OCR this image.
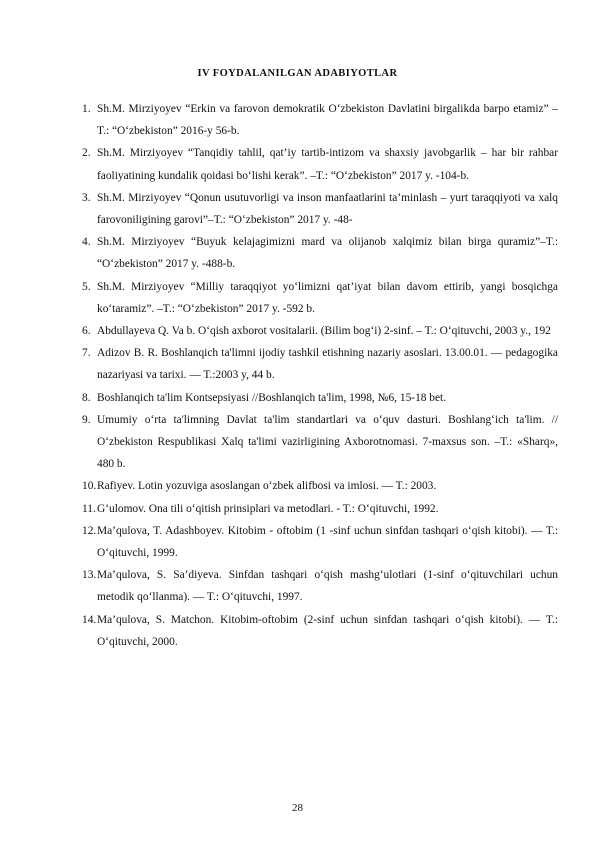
IV FOYDALANILGAN ADABIYOTLAR
1. Sh.M. Mirziyoyev “Erkin va farovon demokratik O‘zbekiston Davlatini birgalikda barpo etamiz” –T.: “O‘zbekiston” 2016-y 56-b.
2. Sh.M. Mirziyoyev “Tanqidiy tahlil, qat’iy tartib-intizom va shaxsiy javobgarlik – har bir rahbar faoliyatining kundalik qoidasi bo‘lishi kerak”. –T.: “O‘zbekiston” 2017 y. -104-b.
3. Sh.M. Mirziyoyev “Qonun usutuvorligi va inson manfaatlarini ta’minlash – yurt taraqqiyoti va xalq farovoniligining garovi”–T.: “O‘zbekiston” 2017 y. -48-
4. Sh.M. Mirziyoyev “Buyuk kelajagimizni mard va olijanob xalqimiz bilan birga quramiz”–T.: “O‘zbekiston” 2017 y. -488-b.
5. Sh.M. Mirziyoyev “Milliy taraqqiyot yo‘limizni qat’iyat bilan davom ettirib, yangi bosqichga ko‘taramiz”. –T.: “O‘zbekiston” 2017 y. -592 b.
6. Abdullayeva Q. Va b. O‘qish axborot vositalarii. (Bilim bog‘i) 2-sinf. – T.: O‘qituvchi, 2003 y., 192
7. Adizov B. R. Boshlanqich ta'limni ijodiy tashkil etishning nazariy asoslari. 13.00.01. — pedagogika nazariyasi va tarixi. — T.:2003 y, 44 b.
8. Boshlanqich ta'lim Kontsepsiyasi //Boshlanqich ta'lim, 1998, №6, 15-18 bet.
9. Umumiy o‘rta ta'limning Davlat ta'lim standartlari va o‘quv dasturi. Boshlang‘ich ta'lim. // O‘zbekiston Respublikasi Xalq ta'limi vazirligining Axborotnomasi. 7-maxsus son. –T.: «Sharq», 480 b.
10. Rafiyev. Lotin yozuviga asoslangan o‘zbek alifbosi va imlosi. — T.: 2003.
11. G‘ulomov. Ona tili o‘qitish prinsiplari va metodlari. - T.: O‘qituvchi, 1992.
12. Ma’qulova, T. Adashboyev. Kitobim - oftobim (1 -sinf uchun sinfdan tashqari o‘qish kitobi). — T.: O‘qituvchi, 1999.
13. Ma’qulova, S. Sa’diyeva. Sinfdan tashqari o‘qish mashg‘ulotlari (1-sinf o‘qituvchilari uchun metodik qo‘llanma). — T.: O‘qituvchi, 1997.
14. Ma’qulova, S. Matchon. Kitobim-oftobim (2-sinf uchun sinfdan tashqari o‘qish kitobi). — T.: O‘qituvchi, 2000.
28
